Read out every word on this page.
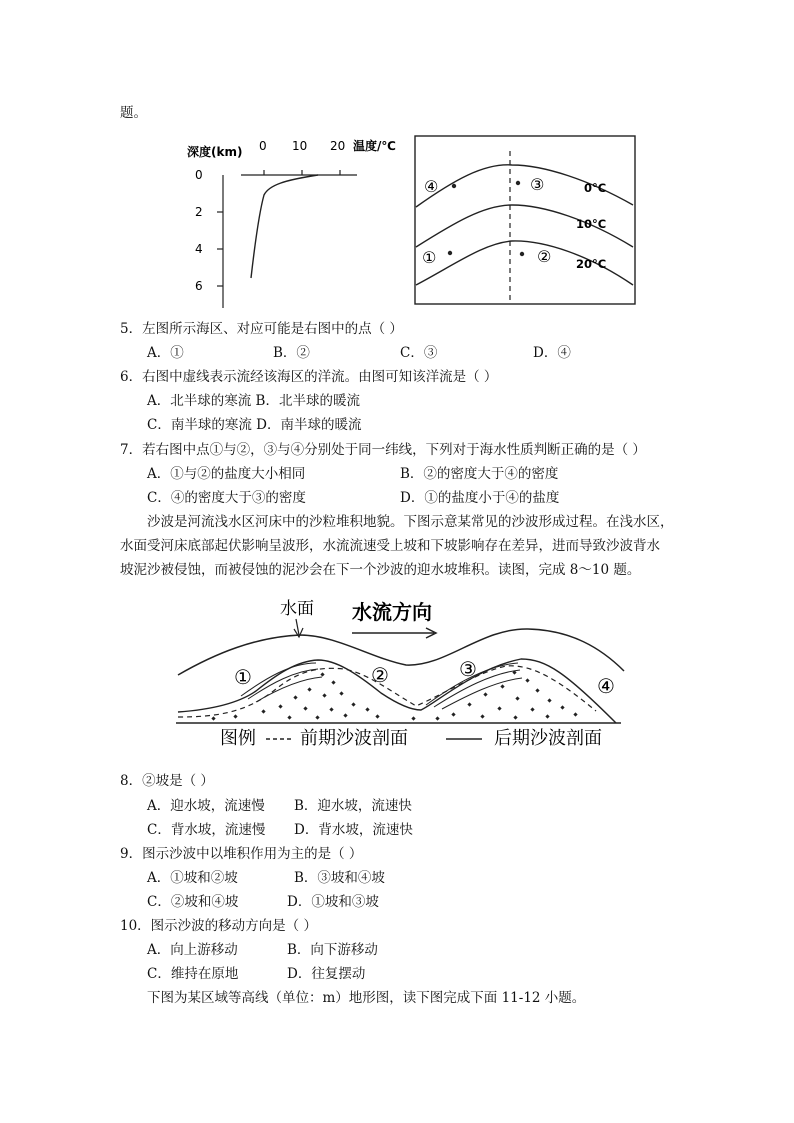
题。
深度(km) 0 10 20 温度/℃
0
2
4
6
④	③
①	②
0°C
10°C
20°C
5．左图所示海区、对应可能是右图中的点（ ）
A．①	B．②	C．③	D．④
6．右图中虚线表示流经该海区的洋流。由图可知该洋流是（ ）
A．北半球的寒流 B．北半球的暖流
C．南半球的寒流 D．南半球的暖流
7．若右图中点①与②，③与④分别处于同一纬线，下列对于海水性质判断正确的是（ ）
A．①与②的盐度大小相同	B．②的密度大于④的密度
C．④的密度大于③的密度	D．①的盐度小于④的盐度
沙波是河流浅水区河床中的沙粒堆积地貌。下图示意某常见的沙波形成过程。在浅水区，
水面受河床底部起伏影响呈波形，水流流速受上坡和下坡影响存在差异，进而导致沙波背水
坡泥沙被侵蚀，而被侵蚀的泥沙会在下一个沙波的迎水坡堆积。读图，完成 8～10 题。
水面 水流方向
①	②	③
④
图例 前期沙波剖面	后期沙波剖面
8．②坡是（ ）
A．迎水坡，流速慢 B．迎水坡，流速快
C．背水坡，流速慢 D．背水坡，流速快
9．图示沙波中以堆积作用为主的是（ ）
A．①坡和②坡	B．③坡和④坡
C．②坡和④坡	D．①坡和③坡
10．图示沙波的移动方向是（ ）
A．向上游移动	B．向下游移动
C．维持在原地	D．往复摆动
下图为某区域等高线（单位：m）地形图，读下图完成下面 11-12 小题。
